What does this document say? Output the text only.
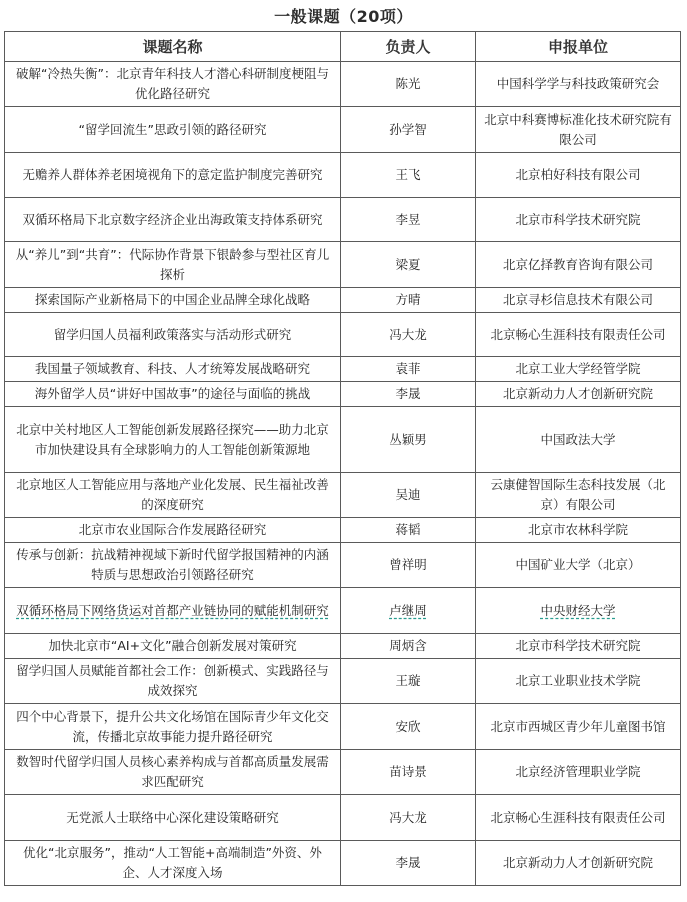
一般课题（20项）
课题名称	负责人	申报单位
破解“冷热失衡”：北京青年科技人才潜心科研制度梗阻与优化路径研究	陈光	中国科学学与科技政策研究会
“留学回流生”思政引领的路径研究	孙学智	北京中科赛博标准化技术研究院有限公司
无赡养人群体养老困境视角下的意定监护制度完善研究	王飞	北京柏好科技有限公司
双循环格局下北京数字经济企业出海政策支持体系研究	李昱	北京市科学技术研究院
从“养儿”到“共育”：代际协作背景下银龄参与型社区育儿探析	梁夏	北京亿择教育咨询有限公司
探索国际产业新格局下的中国企业品牌全球化战略	方晴	北京寻杉信息技术有限公司
留学归国人员福利政策落实与活动形式研究	冯大龙	北京畅心生涯科技有限责任公司
我国量子领域教育、科技、人才统筹发展战略研究	袁菲	北京工业大学经管学院
海外留学人员“讲好中国故事”的途径与面临的挑战	李晟	北京新动力人才创新研究院
北京中关村地区人工智能创新发展路径探究——助力北京市加快建设具有全球影响力的人工智能创新策源地	丛颖男	中国政法大学
北京地区人工智能应用与落地产业化发展、民生福祉改善的深度研究	吴迪	云康健智国际生态科技发展（北京）有限公司
北京市农业国际合作发展路径研究	蒋韬	北京市农林科学院
传承与创新：抗战精神视域下新时代留学报国精神的内涵特质与思想政治引领路径研究	曾祥明	中国矿业大学（北京）
双循环格局下网络货运对首都产业链协同的赋能机制研究	卢继周	中央财经大学
加快北京市“AI+文化”融合创新发展对策研究	周炳含	北京市科学技术研究院
留学归国人员赋能首都社会工作：创新模式、实践路径与成效探究	王璇	北京工业职业技术学院
四个中心背景下，提升公共文化场馆在国际青少年文化交流，传播北京故事能力提升路径研究	安欣	北京市西城区青少年儿童图书馆
数智时代留学归国人员核心素养构成与首都高质量发展需求匹配研究	苗诗景	北京经济管理职业学院
无党派人士联络中心深化建设策略研究	冯大龙	北京畅心生涯科技有限责任公司
优化“北京服务”，推动“人工智能+高端制造”外资、外企、人才深度入场	李晟	北京新动力人才创新研究院
